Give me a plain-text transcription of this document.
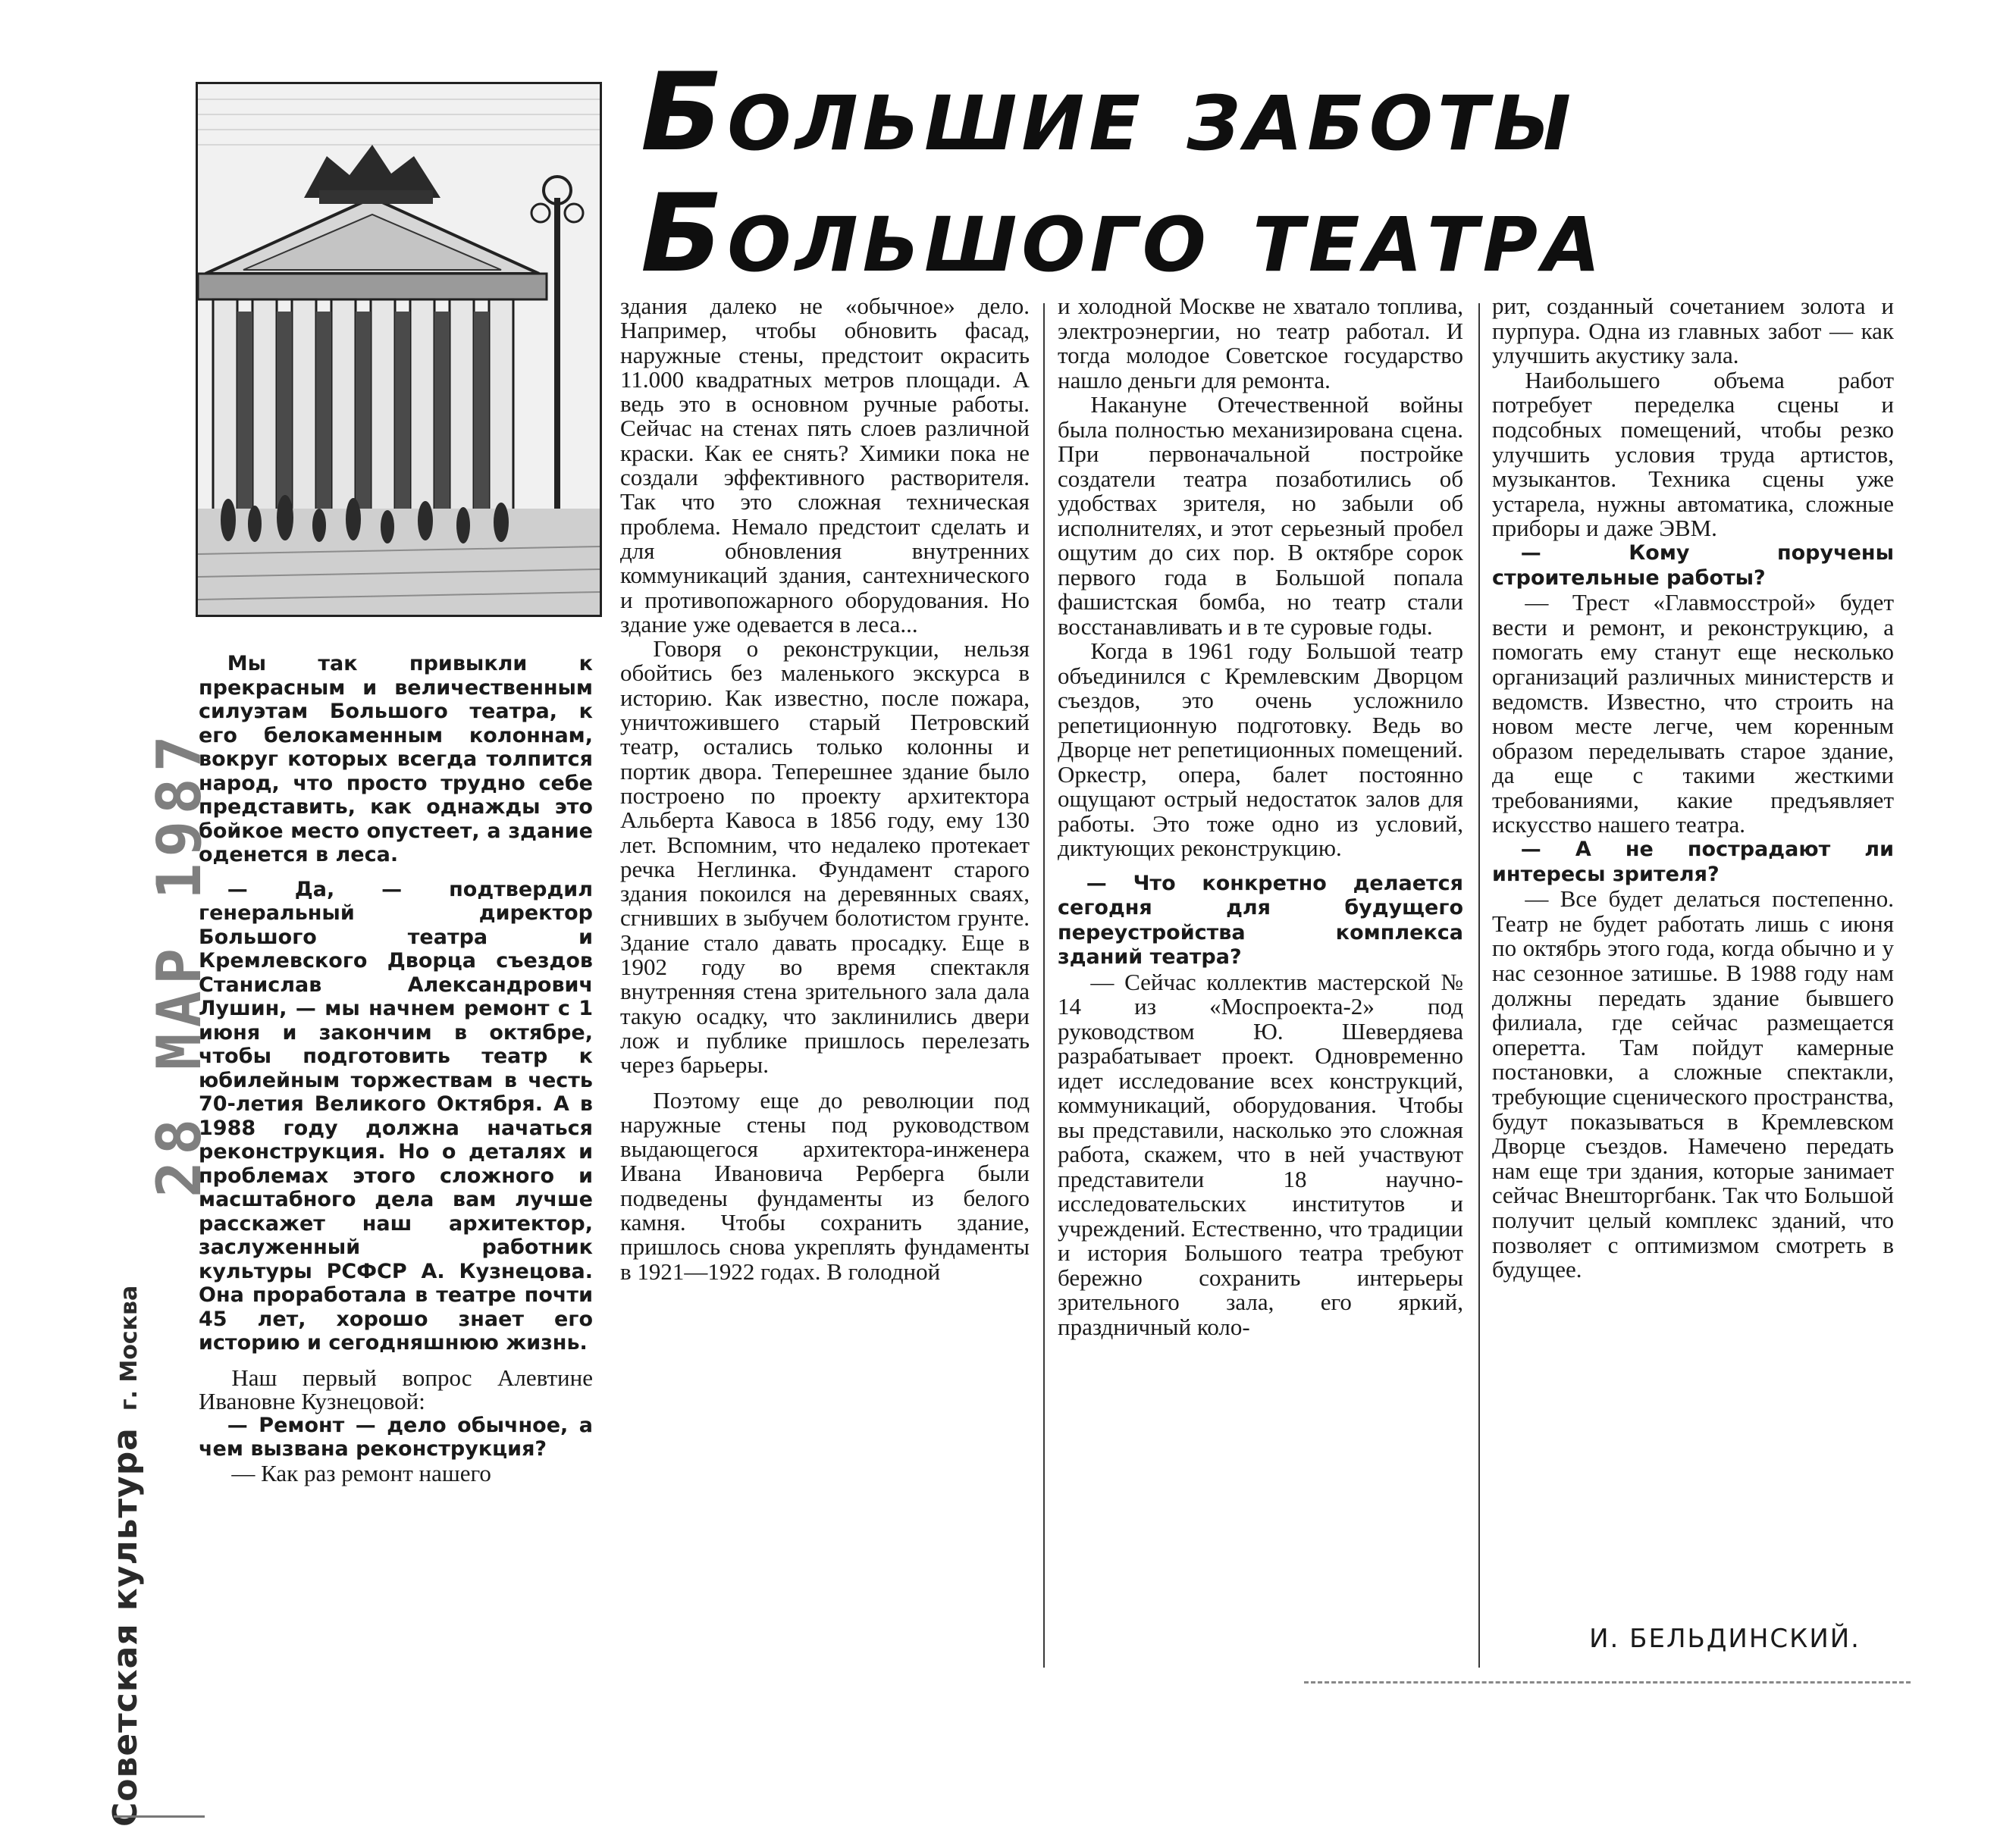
Большие заботы
Большого театра

Мы так привыкли к прекрасным и величественным силуэтам Большого театра, к его белокаменным колоннам, вокруг которых всегда толпится народ, что просто трудно себе представить, как однажды это бойкое место опустеет, а здание оденется в леса.

— Да, — подтвердил генеральный директор Большого театра и Кремлевского Дворца съездов Станислав Александрович Лушин, — мы начнем ремонт с 1 июня и закончим в октябре, чтобы подготовить театр к юбилейным торжествам в честь 70-летия Великого Октября. А в 1988 году должна начаться реконструкция. Но о деталях и проблемах этого сложного и масштабного дела вам лучше расскажет наш архитектор, заслуженный работник культуры РСФСР А. Кузнецова. Она проработала в театре почти 45 лет, хорошо знает его историю и сегодняшнюю жизнь.

Наш первый вопрос Алевтине Ивановне Кузнецовой:

— Ремонт — дело обычное, а чем вызвана реконструкция?

— Как раз ремонт нашего

здания далеко не «обычное» дело. Например, чтобы обновить фасад, наружные стены, предстоит окрасить 11.000 квадратных метров площади. А ведь это в основном ручные работы. Сейчас на стенах пять слоев различной краски. Как ее снять? Химики пока не создали эффективного растворителя. Так что это сложная техническая проблема. Немало предстоит сделать и для обновления внутренних коммуникаций здания, сантехнического и противопожарного оборудования. Но здание уже одевается в леса...

Говоря о реконструкции, нельзя обойтись без маленького экскурса в историю. Как известно, после пожара, уничтожившего старый Петровский театр, остались только колонны и портик двора. Теперешнее здание было построено по проекту архитектора Альберта Кавоса в 1856 году, ему 130 лет. Вспомним, что недалеко протекает речка Неглинка. Фундамент старого здания покоился на деревянных сваях, сгнивших в зыбучем болотистом грунте. Здание стало давать просадку. Еще в 1902 году во время спектакля внутренняя стена зрительного зала дала такую осадку, что заклинились двери лож и публике пришлось перелезать через барьеры.

Поэтому еще до революции под наружные стены под руководством выдающегося архитектора-инженера Ивана Ивановича Рерберга были подведены фундаменты из белого камня. Чтобы сохранить здание, пришлось снова укреплять фундаменты в 1921—1922 годах. В голодной

и холодной Москве не хватало топлива, электроэнергии, но театр работал. И тогда молодое Советское государство нашло деньги для ремонта.

Накануне Отечественной войны была полностью механизирована сцена. При первоначальной постройке создатели театра позаботились об удобствах зрителя, но забыли об исполнителях, и этот серьезный пробел ощутим до сих пор. В октябре сорок первого года в Большой попала фашистская бомба, но театр стали восстанавливать и в те суровые годы.

Когда в 1961 году Большой театр объединился с Кремлевским Дворцом съездов, это очень усложнило репетиционную подготовку. Ведь во Дворце нет репетиционных помещений. Оркестр, опера, балет постоянно ощущают острый недостаток залов для работы. Это тоже одно из условий, диктующих реконструкцию.

— Что конкретно делается сегодня для будущего переустройства комплекса зданий театра?

— Сейчас коллектив мастерской № 14 из «Моспроекта-2» под руководством Ю. Шевердяева разрабатывает проект. Одновременно идет исследование всех конструкций, коммуникаций, оборудования. Чтобы вы представили, насколько это сложная работа, скажем, что в ней участвуют представители 18 научно-исследовательских институтов и учреждений. Естественно, что традиции и история Большого театра требуют бережно сохранить интерьеры зрительного зала, его яркий, праздничный коло-

рит, созданный сочетанием золота и пурпура. Одна из главных забот — как улучшить акустику зала.

Наибольшего объема работ потребует переделка сцены и подсобных помещений, чтобы резко улучшить условия труда артистов, музыкантов. Техника сцены уже устарела, нужны автоматика, сложные приборы и даже ЭВМ.

— Кому поручены строительные работы?

— Трест «Главмосстрой» будет вести и ремонт, и реконструкцию, а помогать ему станут еще несколько организаций различных министерств и ведомств. Известно, что строить на новом месте легче, чем коренным образом переделывать старое здание, да еще с такими жесткими требованиями, какие предъявляет искусство нашего театра.

— А не пострадают ли интересы зрителя?

— Все будет делаться постепенно. Театр не будет работать лишь с июня по октябрь этого года, когда обычно и у нас сезонное затишье. В 1988 году нам должны передать здание бывшего филиала, где сейчас размещается оперетта. Там пойдут камерные постановки, а сложные спектакли, требующие сценического пространства, будут показываться в Кремлевском Дворце съездов. Намечено передать нам еще три здания, которые занимает сейчас Внешторгбанк. Так что Большой получит целый комплекс зданий, что позволяет с оптимизмом смотреть в будущее.

И. БЕЛЬДИНСКИЙ.
28 МАР 1987
Советская культура г. Москва
